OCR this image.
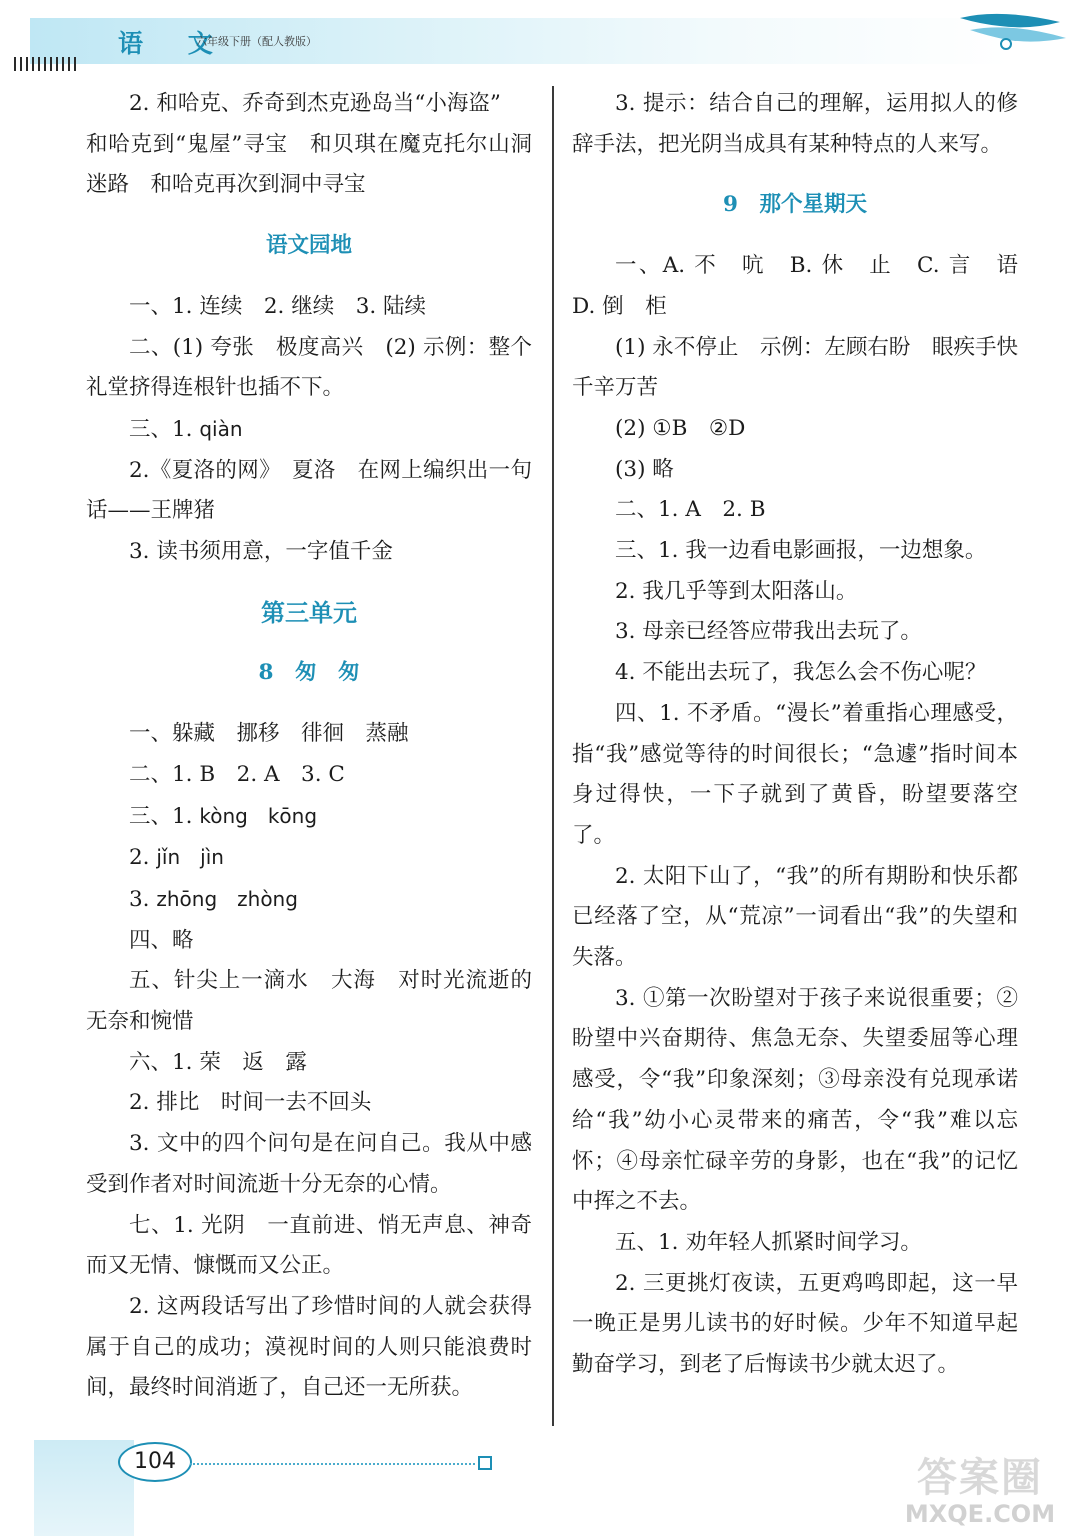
语 文
六年级下册（配人教版）

2. 和哈克、乔奇到杰克逊岛当“小海盗”

和哈克到“鬼屋”寻宝　和贝琪在魔克托尔山洞迷路　和哈克再次到洞中寻宝

语文园地

一、1. 连续　2. 继续　3. 陆续

二、(1) 夸张　极度高兴　(2) 示例：整个礼堂挤得连根针也插不下。

三、1. qiàn

2.《夏洛的网》　夏洛　在网上编织出一句话——王牌猪

3. 读书须用意，一字值千金

第三单元

8　匆　匆

一、躲藏　挪移　徘徊　蒸融

二、1. B　2. A　3. C

三、1. kòng　kōng

2. jǐn　jìn

3. zhōng　zhòng

四、略

五、针尖上一滴水　大海　对时光流逝的无奈和惋惜

六、1. 荣　返　露

2. 排比　时间一去不回头

3. 文中的四个问句是在问自己。我从中感受到作者对时间流逝十分无奈的心情。

七、1. 光阴　一直前进、悄无声息、神奇而又无情、慷慨而又公正。

2. 这两段话写出了珍惜时间的人就会获得属于自己的成功；漠视时间的人则只能浪费时间，最终时间消逝了，自己还一无所获。

3. 提示：结合自己的理解，运用拟人的修辞手法，把光阴当成具有某种特点的人来写。

9　那个星期天

一、A. 不　吭　B. 休　止　C. 言　语　D. 倒　柜

(1) 永不停止　示例：左顾右盼　眼疾手快　千辛万苦

(2) ①B　②D

(3) 略

二、1. A　2. B

三、1. 我一边看电影画报，一边想象。

2. 我几乎等到太阳落山。

3. 母亲已经答应带我出去玩了。

4. 不能出去玩了，我怎么会不伤心呢？

四、1. 不矛盾。“漫长”着重指心理感受，指“我”感觉等待的时间很长；“急遽”指时间本身过得快，一下子就到了黄昏，盼望要落空了。

2. 太阳下山了，“我”的所有期盼和快乐都已经落了空，从“荒凉”一词看出“我”的失望和失落。

3. ①第一次盼望对于孩子来说很重要；②盼望中兴奋期待、焦急无奈、失望委屈等心理感受，令“我”印象深刻；③母亲没有兑现承诺给“我”幼小心灵带来的痛苦，令“我”难以忘怀；④母亲忙碌辛劳的身影，也在“我”的记忆中挥之不去。

五、1. 劝年轻人抓紧时间学习。

2. 三更挑灯夜读，五更鸡鸣即起，这一早一晚正是男儿读书的好时候。少年不知道早起勤奋学习，到老了后悔读书少就太迟了。

104	答案圈
MXQE.COM
